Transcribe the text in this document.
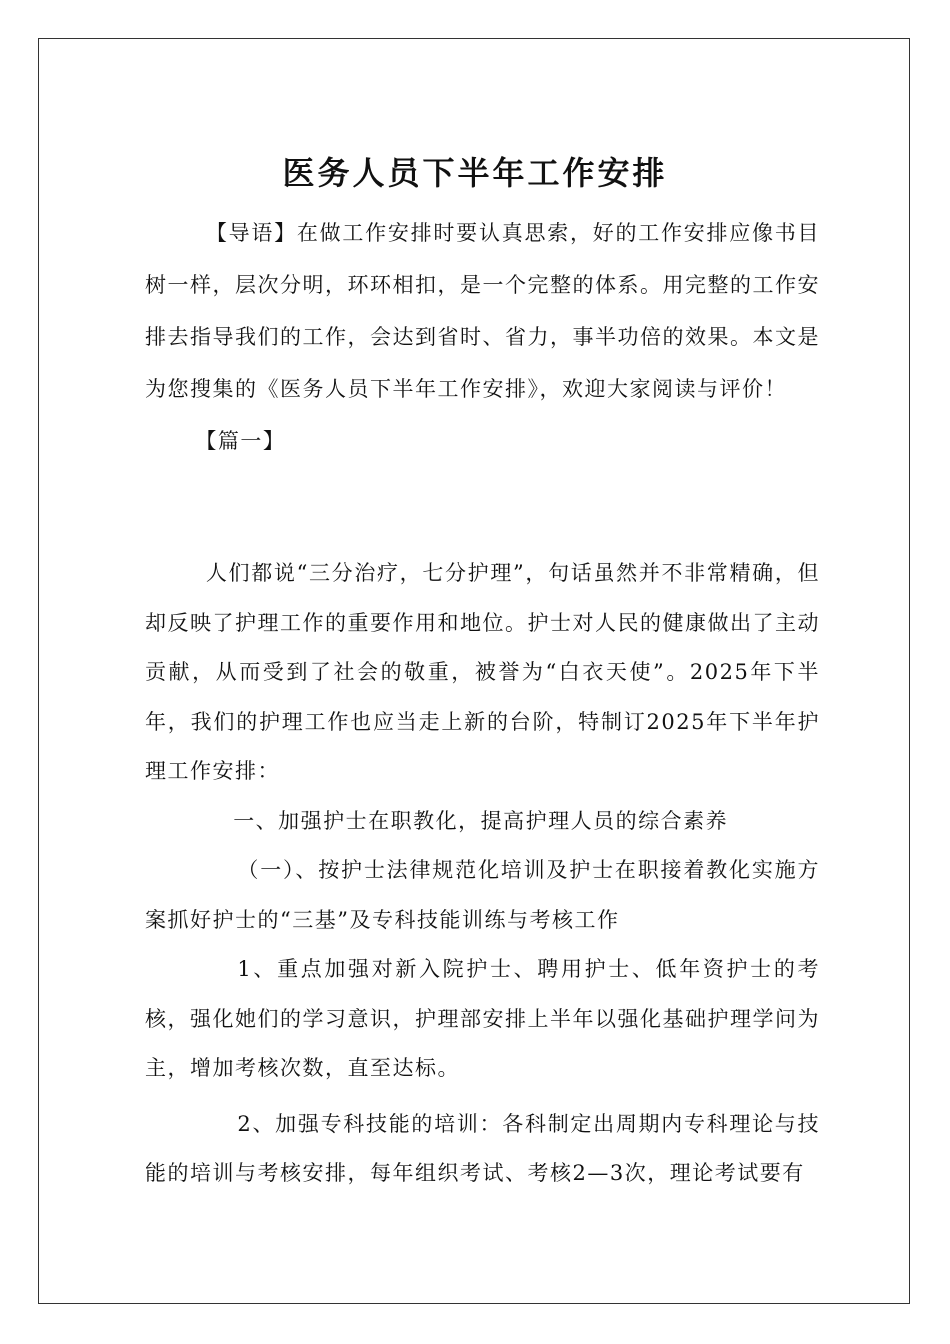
医务人员下半年工作安排

【导语】在做工作安排时要认真思索，好的工作安排应像书目树一样，层次分明，环环相扣，是一个完整的体系。用完整的工作安排去指导我们的工作，会达到省时、省力，事半功倍的效果。本文是为您搜集的《医务人员下半年工作安排》，欢迎大家阅读与评价！

【篇一】

人们都说“三分治疗，七分护理”，句话虽然并不非常精确，但却反映了护理工作的重要作用和地位。护士对人民的健康做出了主动贡献，从而受到了社会的敬重，被誉为“白衣天使”。2025年下半年，我们的护理工作也应当走上新的台阶，特制订2025年下半年护理工作安排：

一、加强护士在职教化，提高护理人员的综合素养

（一）、按护士法律规范化培训及护士在职接着教化实施方案抓好护士的“三基”及专科技能训练与考核工作

1、重点加强对新入院护士、聘用护士、低年资护士的考核，强化她们的学习意识，护理部安排上半年以强化基础护理学问为主，增加考核次数，直至达标。

2、加强专科技能的培训：各科制定出周期内专科理论与技能的培训与考核安排，每年组织考试、考核2—3次，理论考试要有
